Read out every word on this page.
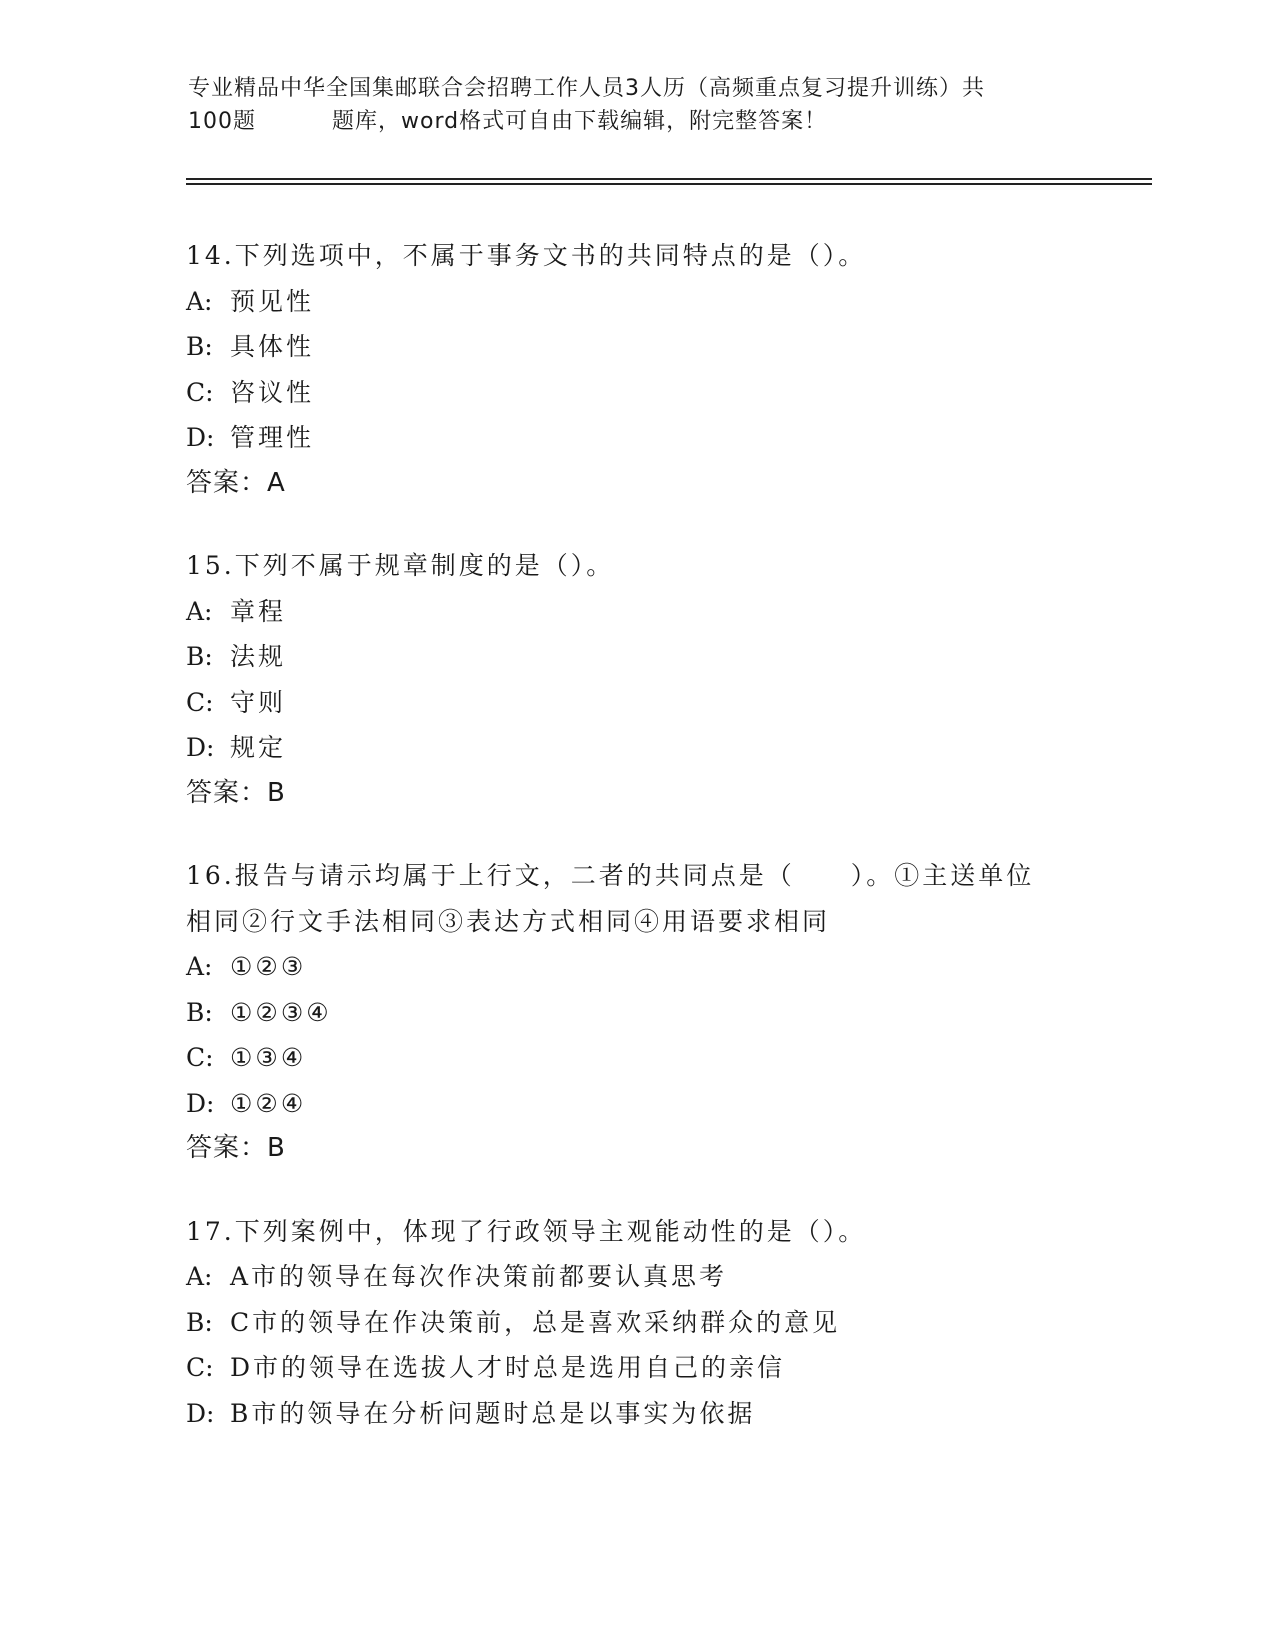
专业精品中华全国集邮联合会招聘工作人员3人历（高频重点复习提升训练）共
100题	题库，word格式可自由下载编辑，附完整答案！
14.下列选项中，不属于事务文书的共同特点的是（）。
A: 预见性
B: 具体性
C: 咨议性
D: 管理性
答案：A
15.下列不属于规章制度的是（）。
A: 章程
B: 法规
C: 守则
D: 规定
答案：B
16.报告与请示均属于上行文，二者的共同点是（　　）。①主送单位
相同②行文手法相同③表达方式相同④用语要求相同
A: ①②③
B: ①②③④
C: ①③④
D: ①②④
答案：B
17.下列案例中，体现了行政领导主观能动性的是（）。
A: A市的领导在每次作决策前都要认真思考
B: C市的领导在作决策前，总是喜欢采纳群众的意见
C: D市的领导在选拔人才时总是选用自己的亲信
D: B市的领导在分析问题时总是以事实为依据
